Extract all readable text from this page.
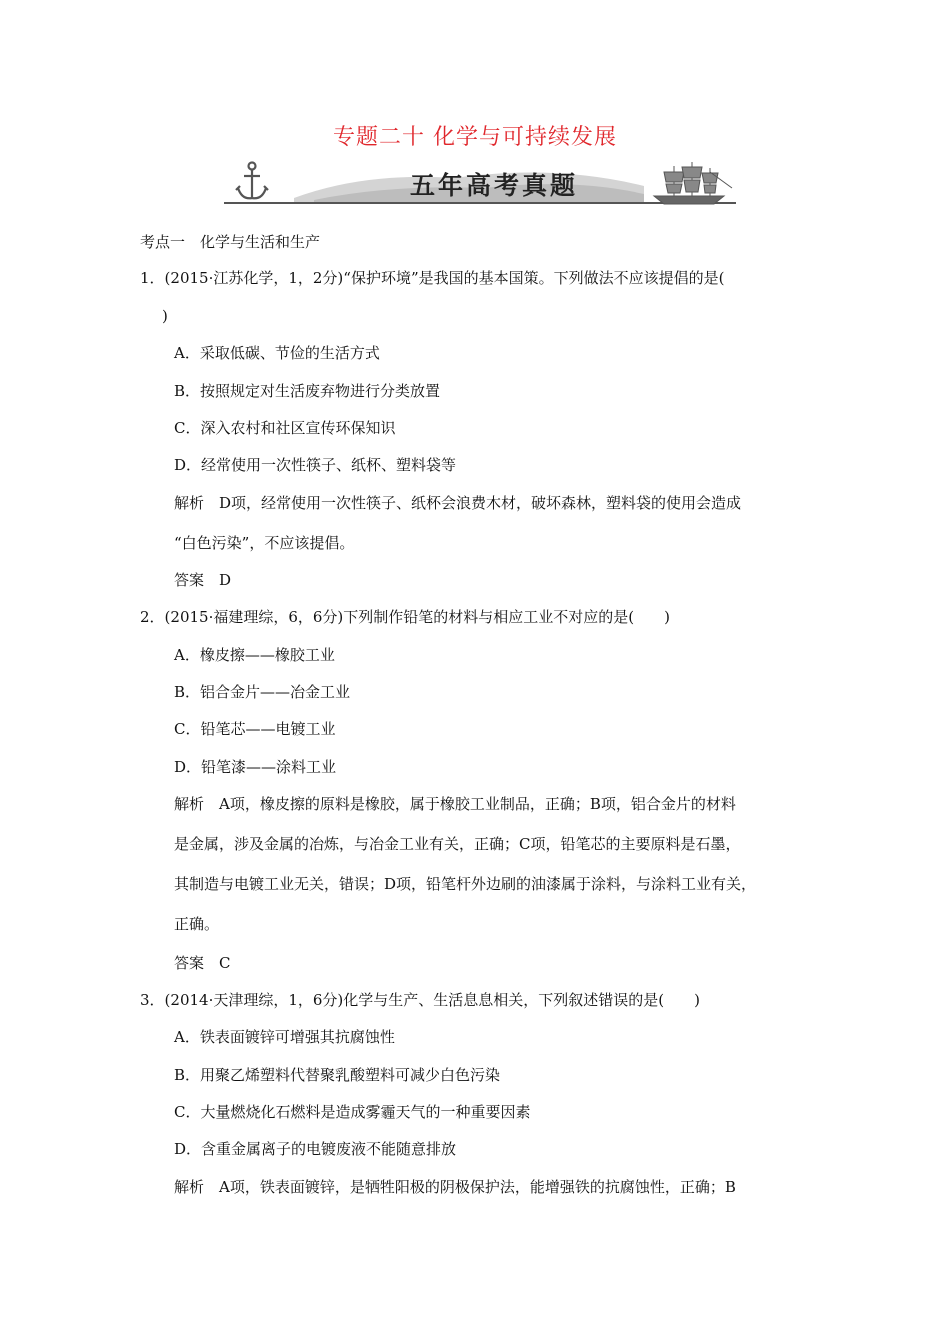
专题二十 化学与可持续发展
五年高考真题
考点一　化学与生活和生产
1．(2015·江苏化学，1，2分)“保护环境”是我国的基本国策。下列做法不应该提倡的是(
)
A．采取低碳、节俭的生活方式
B．按照规定对生活废弃物进行分类放置
C．深入农村和社区宣传环保知识
D．经常使用一次性筷子、纸杯、塑料袋等
解析　D项，经常使用一次性筷子、纸杯会浪费木材，破坏森林，塑料袋的使用会造成
“白色污染”，不应该提倡。
答案　D
2．(2015·福建理综，6，6分)下列制作铅笔的材料与相应工业不对应的是(　　)
A．橡皮擦——橡胶工业
B．铝合金片——冶金工业
C．铅笔芯——电镀工业
D．铅笔漆——涂料工业
解析　A项，橡皮擦的原料是橡胶，属于橡胶工业制品，正确；B项，铝合金片的材料
是金属，涉及金属的冶炼，与冶金工业有关，正确；C项，铅笔芯的主要原料是石墨，
其制造与电镀工业无关，错误；D项，铅笔杆外边刷的油漆属于涂料，与涂料工业有关，
正确。
答案　C
3．(2014·天津理综，1，6分)化学与生产、生活息息相关，下列叙述错误的是(　　)
A．铁表面镀锌可增强其抗腐蚀性
B．用聚乙烯塑料代替聚乳酸塑料可减少白色污染
C．大量燃烧化石燃料是造成雾霾天气的一种重要因素
D．含重金属离子的电镀废液不能随意排放
解析　A项，铁表面镀锌，是牺牲阳极的阴极保护法，能增强铁的抗腐蚀性，正确；B
